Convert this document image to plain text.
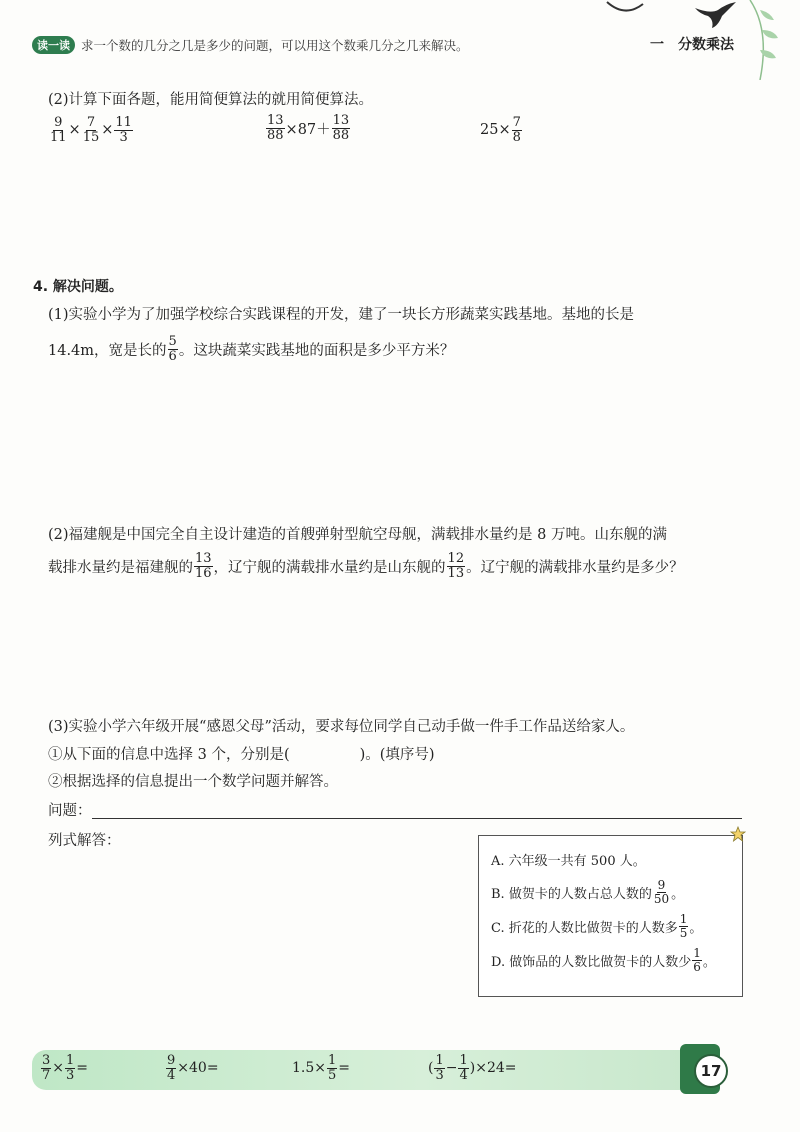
读一读 求一个数的几分之几是多少的问题，可以用这个数乘几分之几来解决。	一 分数乘法
(2)计算下面各题，能用简便算法的就用简便算法。
$\frac{9}{11} \times \frac{7}{15} \times \frac{11}{3}$	$\frac{13}{88} \times 87+ \frac{13}{88}$	$25\times \frac{7}{8}$
4. 解决问题。
(1)实验小学为了加强学校综合实践课程的开发，建了一块长方形蔬菜实践基地。基地的长是
14.4m，宽是长的 $\frac{5}{6}$ 。这块蔬菜实践基地的面积是多少平方米？
(2)福建舰是中国完全自主设计建造的首艘弹射型航空母舰，满载排水量约是 8 万吨。山东舰的满
载排水量约是福建舰的 $\frac{13}{16}$ ，辽宁舰的满载排水量约是山东舰的 $\frac{12}{13}$ 。辽宁舰的满载排水量约是多少？
(3)实验小学六年级开展“感恩父母”活动，要求每位同学自己动手做一件手工作品送给家人。
①从下面的信息中选择 3 个，分别是(	)。(填序号)
②根据选择的信息提出一个数学问题并解答。
问题：
列式解答：

A. 六年级一共有 500 人。

B. 做贺卡的人数占总人数的 $\frac{9}{50}$ 。

C. 折花的人数比做贺卡的人数多 $\frac{1}{5}$ 。

D. 做饰品的人数比做贺卡的人数少 $\frac{1}{6}$ 。

$\frac{3}{7} \times \frac{1}{3}$ =	$\frac{9}{4} \times 40=$	$1.5\times \frac{1}{5}$ =	( $\frac{1}{3} - \frac{1}{4} )\times 24=$	17
